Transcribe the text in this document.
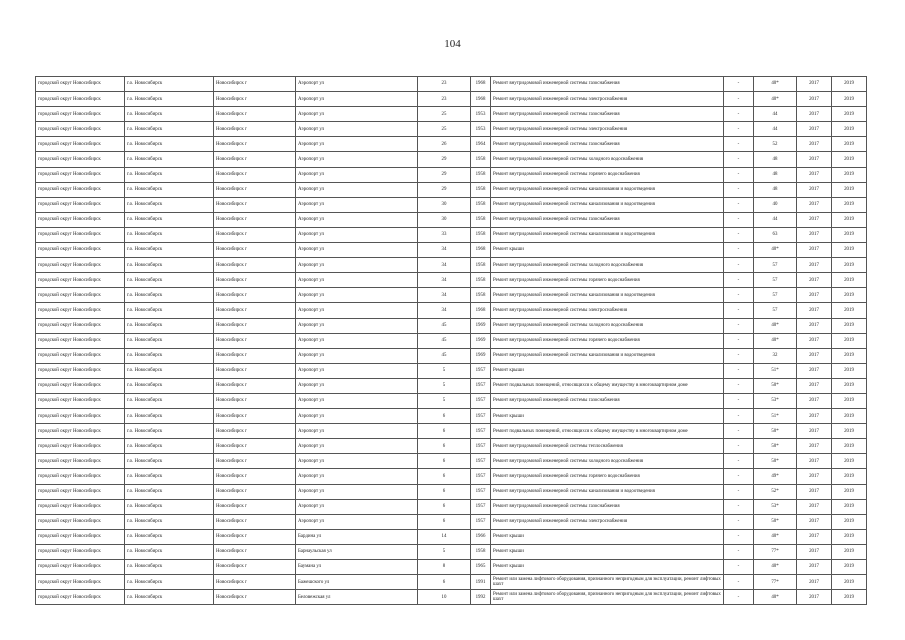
104
городской округ Новосибирск	г.о. Новосибирск	Новосибирск г	Аэропорт ул	23	1968	Ремонт внутридомовой инженерной системы газоснабжения	-	40*	2017	2019
городской округ Новосибирск	г.о. Новосибирск	Новосибирск г	Аэропорт ул	23	1968	Ремонт внутридомовой инженерной системы электроснабжения	-	40*	2017	2019
городской округ Новосибирск	г.о. Новосибирск	Новосибирск г	Аэропорт ул	25	1953	Ремонт внутридомовой инженерной системы газоснабжения	-	44	2017	2019
городской округ Новосибирск	г.о. Новосибирск	Новосибирск г	Аэропорт ул	25	1953	Ремонт внутридомовой инженерной системы электроснабжения	-	44	2017	2019
городской округ Новосибирск	г.о. Новосибирск	Новосибирск г	Аэропорт ул	26	1964	Ремонт внутридомовой инженерной системы газоснабжения	-	52	2017	2019
городской округ Новосибирск	г.о. Новосибирск	Новосибирск г	Аэропорт ул	29	1958	Ремонт внутридомовой инженерной системы холодного водоснабжения	-	48	2017	2019
городской округ Новосибирск	г.о. Новосибирск	Новосибирск г	Аэропорт ул	29	1958	Ремонт внутридомовой инженерной системы горячего водоснабжения	-	48	2017	2019
городской округ Новосибирск	г.о. Новосибирск	Новосибирск г	Аэропорт ул	29	1958	Ремонт внутридомовой инженерной системы канализования и водоотведения	-	48	2017	2019
городской округ Новосибирск	г.о. Новосибирск	Новосибирск г	Аэропорт ул	30	1958	Ремонт внутридомовой инженерной системы канализования и водоотведения	-	40	2017	2019
городской округ Новосибирск	г.о. Новосибирск	Новосибирск г	Аэропорт ул	30	1958	Ремонт внутридомовой инженерной системы газоснабжения	-	44	2017	2019
городской округ Новосибирск	г.о. Новосибирск	Новосибирск г	Аэропорт ул	33	1958	Ремонт внутридомовой инженерной системы канализования и водоотведения	-	63	2017	2019
городской округ Новосибирск	г.о. Новосибирск	Новосибирск г	Аэропорт ул	34	1968	Ремонт крыши	-	40*	2017	2019
городской округ Новосибирск	г.о. Новосибирск	Новосибирск г	Аэропорт ул	34	1958	Ремонт внутридомовой инженерной системы холодного водоснабжения	-	57	2017	2019
городской округ Новосибирск	г.о. Новосибирск	Новосибирск г	Аэропорт ул	34	1958	Ремонт внутридомовой инженерной системы горячего водоснабжения	-	57	2017	2019
городской округ Новосибирск	г.о. Новосибирск	Новосибирск г	Аэропорт ул	34	1958	Ремонт внутридомовой инженерной системы канализования и водоотведения	-	57	2017	2019
городской округ Новосибирск	г.о. Новосибирск	Новосибирск г	Аэропорт ул	34	1968	Ремонт внутридомовой инженерной системы электроснабжения	-	57	2017	2019
городской округ Новосибирск	г.о. Новосибирск	Новосибирск г	Аэропорт ул	45	1969	Ремонт внутридомовой инженерной системы холодного водоснабжения	-	40*	2017	2019
городской округ Новосибирск	г.о. Новосибирск	Новосибирск г	Аэропорт ул	45	1969	Ремонт внутридомовой инженерной системы горячего водоснабжения	-	40*	2017	2019
городской округ Новосибирск	г.о. Новосибирск	Новосибирск г	Аэропорт ул	45	1969	Ремонт внутридомовой инженерной системы канализования и водоотведения	-	32	2017	2019
городской округ Новосибирск	г.о. Новосибирск	Новосибирск г	Аэропорт ул	5	1957	Ремонт крыши	-	51*	2017	2019
городской округ Новосибирск	г.о. Новосибирск	Новосибирск г	Аэропорт ул	5	1957	Ремонт подвальных помещений, относящихся к общему имуществу в многоквартирном доме	-	50*	2017	2019
городской округ Новосибирск	г.о. Новосибирск	Новосибирск г	Аэропорт ул	5	1957	Ремонт внутридомовой инженерной системы газоснабжения	-	53*	2017	2019
городской округ Новосибирск	г.о. Новосибирск	Новосибирск г	Аэропорт ул	6	1957	Ремонт крыши	-	51*	2017	2019
городской округ Новосибирск	г.о. Новосибирск	Новосибирск г	Аэропорт ул	6	1957	Ремонт подвальных помещений, относящихся к общему имуществу в многоквартирном доме	-	50*	2017	2019
городской округ Новосибирск	г.о. Новосибирск	Новосибирск г	Аэропорт ул	6	1957	Ремонт внутридомовой инженерной системы теплоснабжения	-	50*	2017	2019
городской округ Новосибирск	г.о. Новосибирск	Новосибирск г	Аэропорт ул	6	1957	Ремонт внутридомовой инженерной системы холодного водоснабжения	-	50*	2017	2019
городской округ Новосибирск	г.о. Новосибирск	Новосибирск г	Аэропорт ул	6	1957	Ремонт внутридомовой инженерной системы горячего водоснабжения	-	49*	2017	2019
городской округ Новосибирск	г.о. Новосибирск	Новосибирск г	Аэропорт ул	6	1957	Ремонт внутридомовой инженерной системы канализования и водоотведения	-	52*	2017	2019
городской округ Новосибирск	г.о. Новосибирск	Новосибирск г	Аэропорт ул	6	1957	Ремонт внутридомовой инженерной системы газоснабжения	-	53*	2017	2019
городской округ Новосибирск	г.о. Новосибирск	Новосибирск г	Аэропорт ул	6	1957	Ремонт внутридомовой инженерной системы электроснабжения	-	50*	2017	2019
городской округ Новосибирск	г.о. Новосибирск	Новосибирск г	Бардина ул	14	1966	Ремонт крыши	-	40*	2017	2019
городской округ Новосибирск	г.о. Новосибирск	Новосибирск г	Барнаульская ул	5	1958	Ремонт крыши	-	77*	2017	2019
городской округ Новосибирск	г.о. Новосибирск	Новосибирск г	Бауманa ул	8	1965	Ремонт крыши	-	40*	2017	2019
городской округ Новосибирск	г.о. Новосибирск	Новосибирск г	Бажешского ул	6	1991	Ремонт или замена лифтового оборудования, признанного непригодным для эксплуатации, ремонт лифтовых шахт	-	77*	2017	2019
городской округ Новосибирск	г.о. Новосибирск	Новосибирск г	Беловежская ул	10	1992	Ремонт или замена лифтового оборудования, признанного непригодным для эксплуатации, ремонт лифтовых шахт	-	40*	2017	2019
